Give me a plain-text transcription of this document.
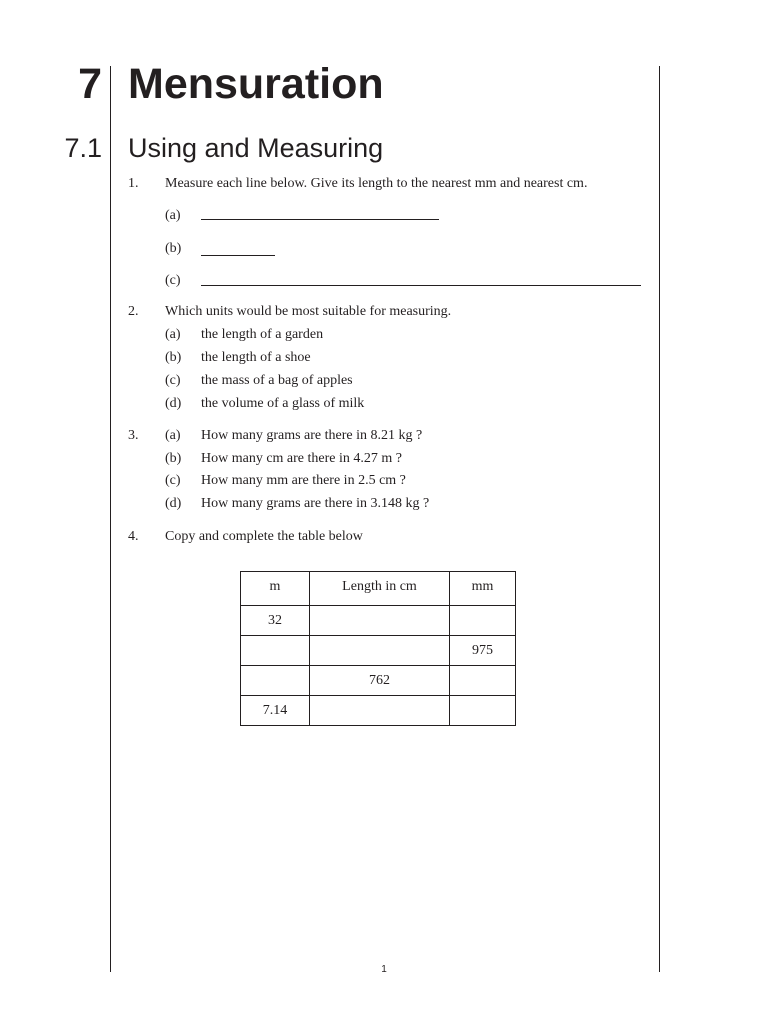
7 Mensuration
7.1 Using and Measuring
1. Measure each line below. Give its length to the nearest mm and nearest cm.
(a)
(b)
(c)
2. Which units would be most suitable for measuring.
(a) the length of a garden
(b) the length of a shoe
(c) the mass of a bag of apples
(d) the volume of a glass of milk
3. (a) How many grams are there in 8.21 kg ?
(b) How many cm are there in 4.27 m ?
(c) How many mm are there in 2.5 cm ?
(d) How many grams are there in 3.148 kg ?
4. Copy and complete the table below
m	Length in cm	mm

32		

		975

	762	

7.14		

1
